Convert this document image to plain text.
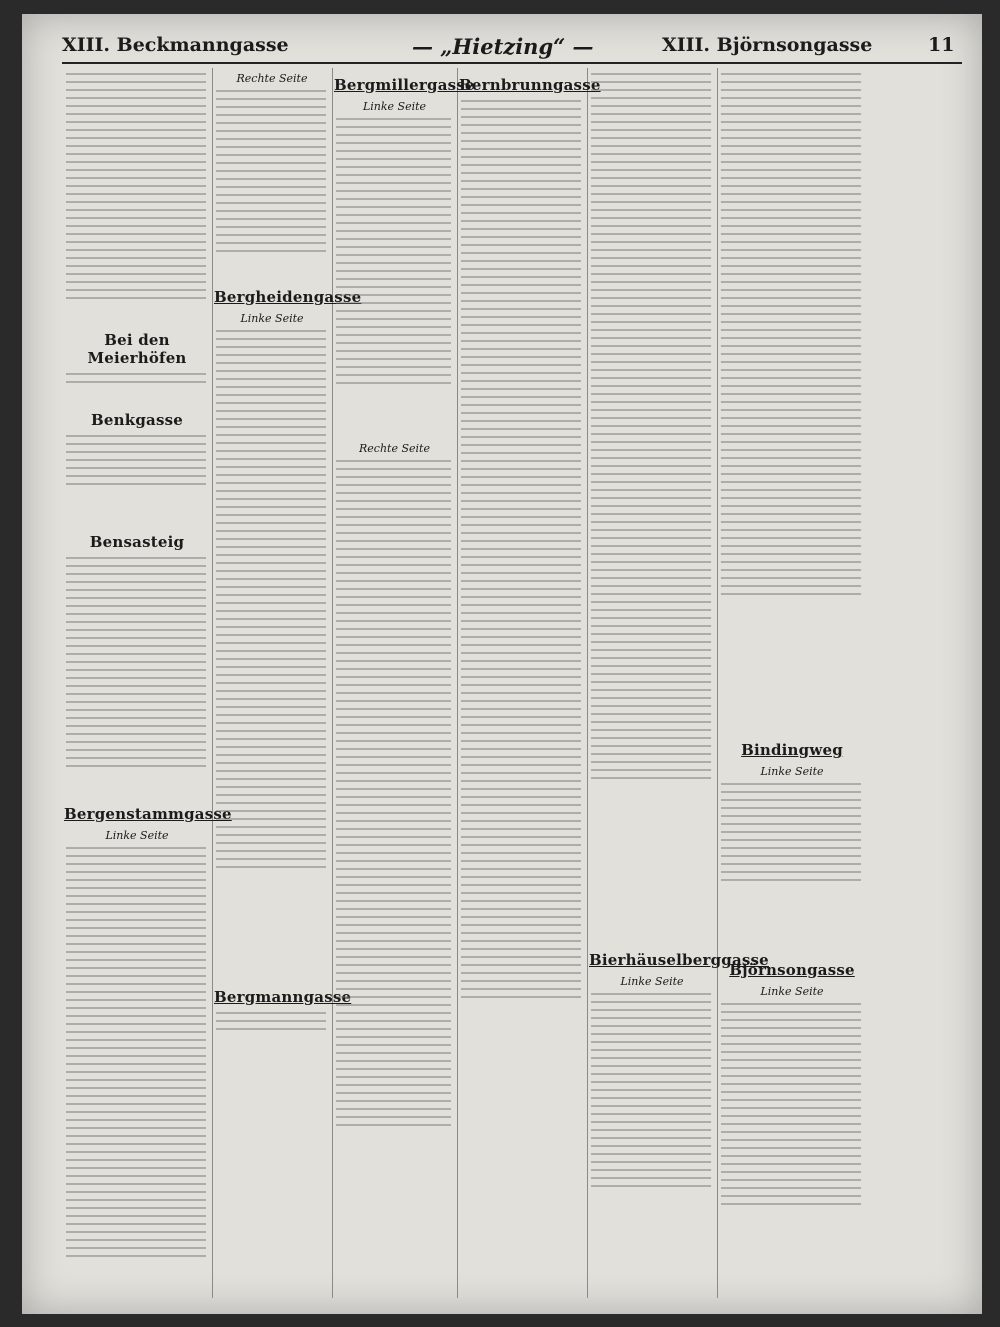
XIII. Beckmanngasse	— „Hietzing“ —	XIII. Björnsongasse	11
Bei den Meierhöfen
Benkgasse
Bensasteig
Bergenstammgasse
Linke Seite
Rechte Seite
Bergheidengasse
Linke Seite
Bergmanngasse
Bergmillergasse
Linke Seite
Rechte Seite
Bernbrunngasse
Bierhäuselberggasse
Linke Seite
Bindingweg
Linke Seite
Björnsongasse
Linke Seite
